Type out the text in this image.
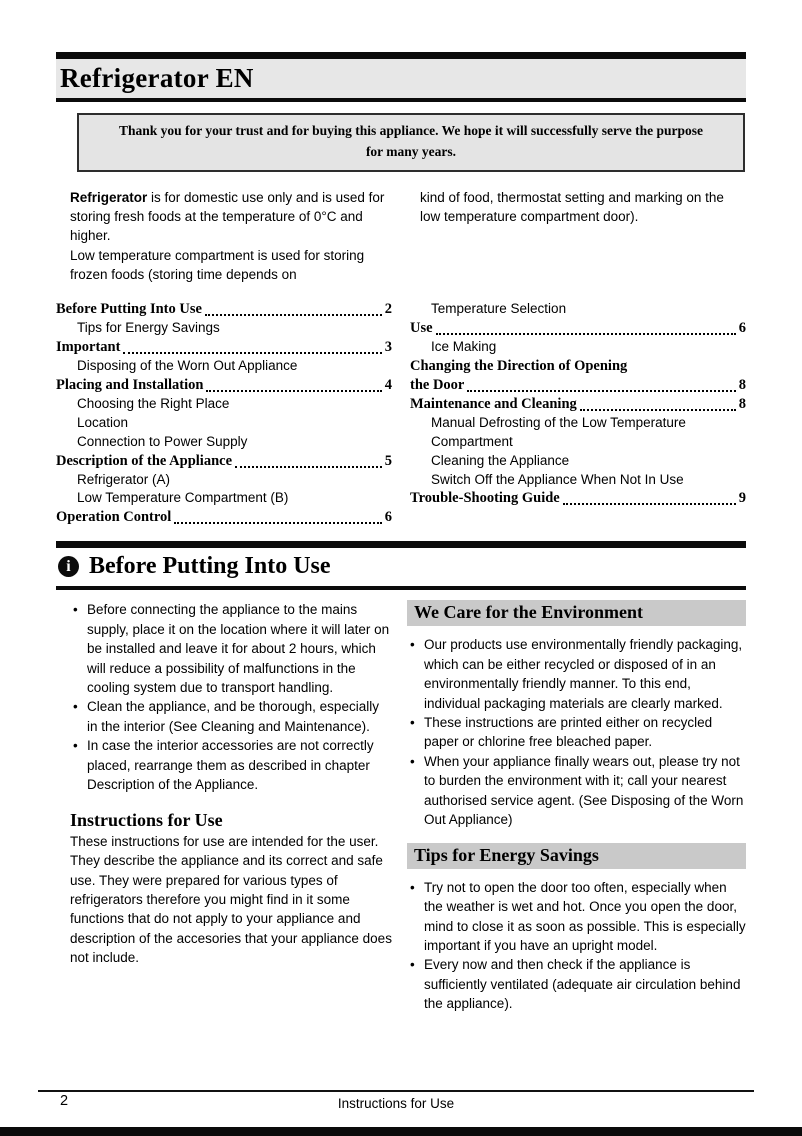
Refrigerator EN
Thank you for your trust and for buying this appliance. We hope it will successfully serve the purpose for many years.

Refrigerator is for domestic use only and is used for storing fresh foods at the temperature of 0°C and higher.

Low temperature compartment is used for storing frozen foods (storing time depends on

kind of food, thermostat setting and marking on the low temperature compartment door).

Before Putting Into Use	2
Tips for Energy Savings
Important	3
Disposing of the Worn Out Appliance
Placing and Installation	4
Choosing the Right Place
Location
Connection to Power Supply
Description of the Appliance	5
Refrigerator (A)
Low Temperature Compartment (B)
Operation Control	6
Temperature Selection
Use	6
Ice Making
Changing the Direction of Opening
the Door	8
Maintenance and Cleaning	8
Manual Defrosting of the Low Temperature Compartment
Cleaning the Appliance
Switch Off the Appliance When Not In Use
Trouble-Shooting Guide	9
i Before Putting Into Use
• Before connecting the appliance to the mains supply, place it on the location where it will later on be installed and leave it for about 2 hours, which will reduce a possibility of malfunctions in the cooling system due to transport handling.
• Clean the appliance, and be thorough, especially in the interior (See Cleaning and Maintenance).
• In case the interior accessories are not correctly placed, rearrange them as described in chapter Description of the Appliance.
Instructions for Use

These instructions for use are intended for the user. They describe the appliance and its correct and safe use. They were prepared for various types of refrigerators therefore you might find in it some functions that do not apply to your appliance and description of the accesories that your appliance does not include.

We Care for the Environment
• Our products use environmentally friendly packaging, which can be either recycled or disposed of in an environmentally friendly manner. To this end, individual packaging materials are clearly marked.
• These instructions are printed either on recycled paper or chlorine free bleached paper.
• When your appliance finally wears out, please try not to burden the environment with it; call your nearest authorised service agent. (See Disposing of the Worn Out Appliance)
Tips for Energy Savings
• Try not to open the door too often, especially when the weather is wet and hot. Once you open the door, mind to close it as soon as possible. This is especially important if you have an upright model.
• Every now and then check if the appliance is sufficiently ventilated (adequate air circulation behind the appliance).
2	Instructions for Use
